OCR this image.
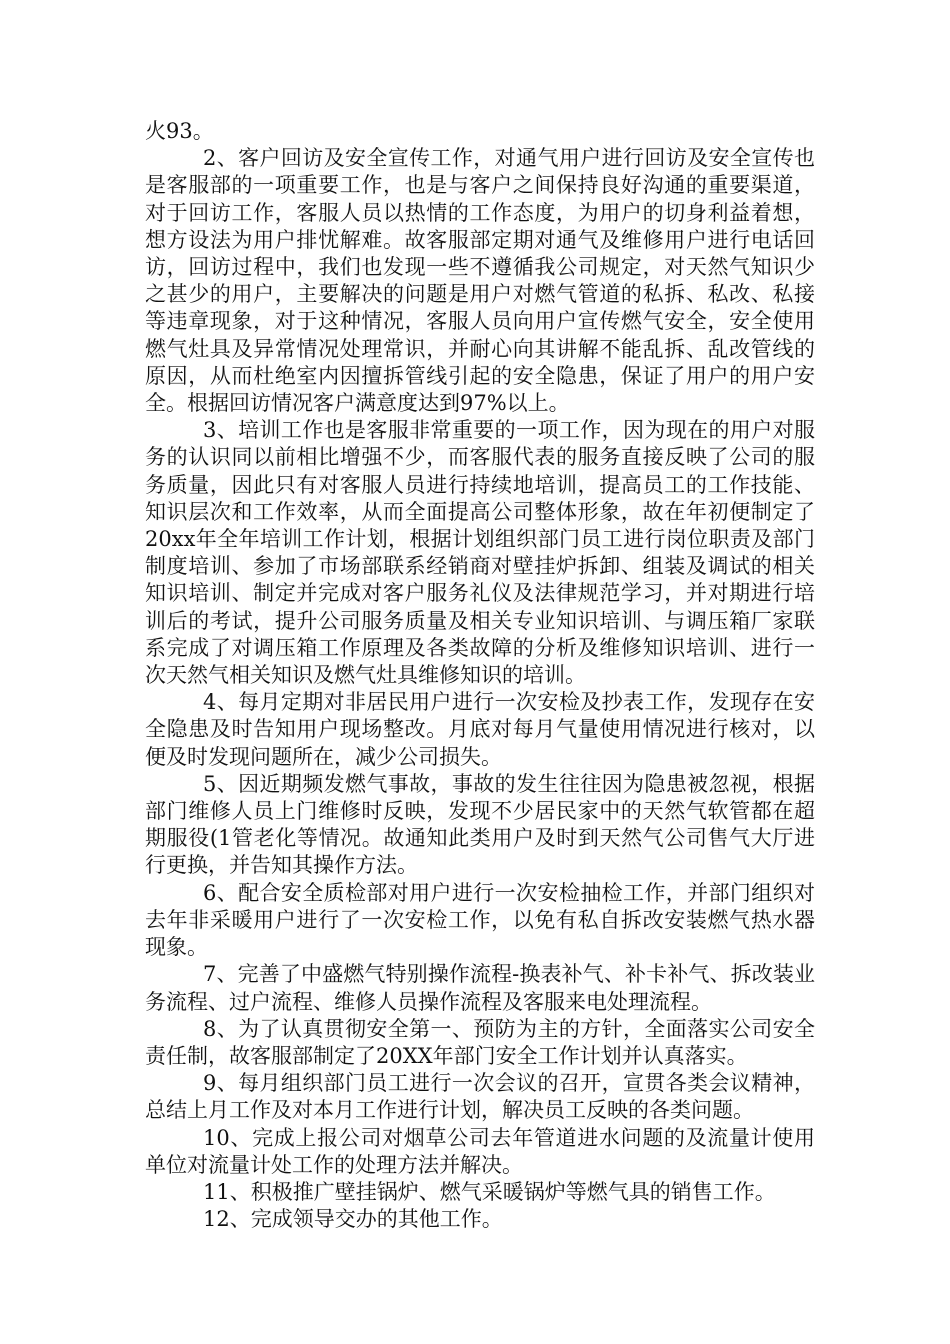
火93。

2、客户回访及安全宣传工作，对通气用户进行回访及安全宣传也是客服部的一项重要工作，也是与客户之间保持良好沟通的重要渠道，对于回访工作，客服人员以热情的工作态度，为用户的切身利益着想，想方设法为用户排忧解难。故客服部定期对通气及维修用户进行电话回访，回访过程中，我们也发现一些不遵循我公司规定，对天然气知识少之甚少的用户，主要解决的问题是用户对燃气管道的私拆、私改、私接等违章现象，对于这种情况，客服人员向用户宣传燃气安全，安全使用燃气灶具及异常情况处理常识，并耐心向其讲解不能乱拆、乱改管线的原因，从而杜绝室内因擅拆管线引起的安全隐患，保证了用户的用户安全。根据回访情况客户满意度达到97%以上。

3、培训工作也是客服非常重要的一项工作，因为现在的用户对服务的认识同以前相比增强不少，而客服代表的服务直接反映了公司的服务质量，因此只有对客服人员进行持续地培训，提高员工的工作技能、知识层次和工作效率，从而全面提高公司整体形象，故在年初便制定了20xx年全年培训工作计划，根据计划组织部门员工进行岗位职责及部门制度培训、参加了市场部联系经销商对壁挂炉拆卸、组装及调试的相关知识培训、制定并完成对客户服务礼仪及法律规范学习，并对期进行培训后的考试，提升公司服务质量及相关专业知识培训、与调压箱厂家联系完成了对调压箱工作原理及各类故障的分析及维修知识培训、进行一次天然气相关知识及燃气灶具维修知识的培训。

4、每月定期对非居民用户进行一次安检及抄表工作，发现存在安全隐患及时告知用户现场整改。月底对每月气量使用情况进行核对，以便及时发现问题所在，减少公司损失。

5、因近期频发燃气事故，事故的发生往往因为隐患被忽视，根据部门维修人员上门维修时反映，发现不少居民家中的天然气软管都在超期服役(1管老化等情况。故通知此类用户及时到天然气公司售气大厅进行更换，并告知其操作方法。

6、配合安全质检部对用户进行一次安检抽检工作，并部门组织对去年非采暖用户进行了一次安检工作，以免有私自拆改安装燃气热水器现象。

7、完善了中盛燃气特别操作流程-换表补气、补卡补气、拆改装业务流程、过户流程、维修人员操作流程及客服来电处理流程。

8、为了认真贯彻安全第一、预防为主的方针，全面落实公司安全责任制，故客服部制定了20XX年部门安全工作计划并认真落实。

9、每月组织部门员工进行一次会议的召开，宣贯各类会议精神，总结上月工作及对本月工作进行计划，解决员工反映的各类问题。

10、完成上报公司对烟草公司去年管道进水问题的及流量计使用单位对流量计处工作的处理方法并解决。

11、积极推广壁挂锅炉、燃气采暖锅炉等燃气具的销售工作。

12、完成领导交办的其他工作。
